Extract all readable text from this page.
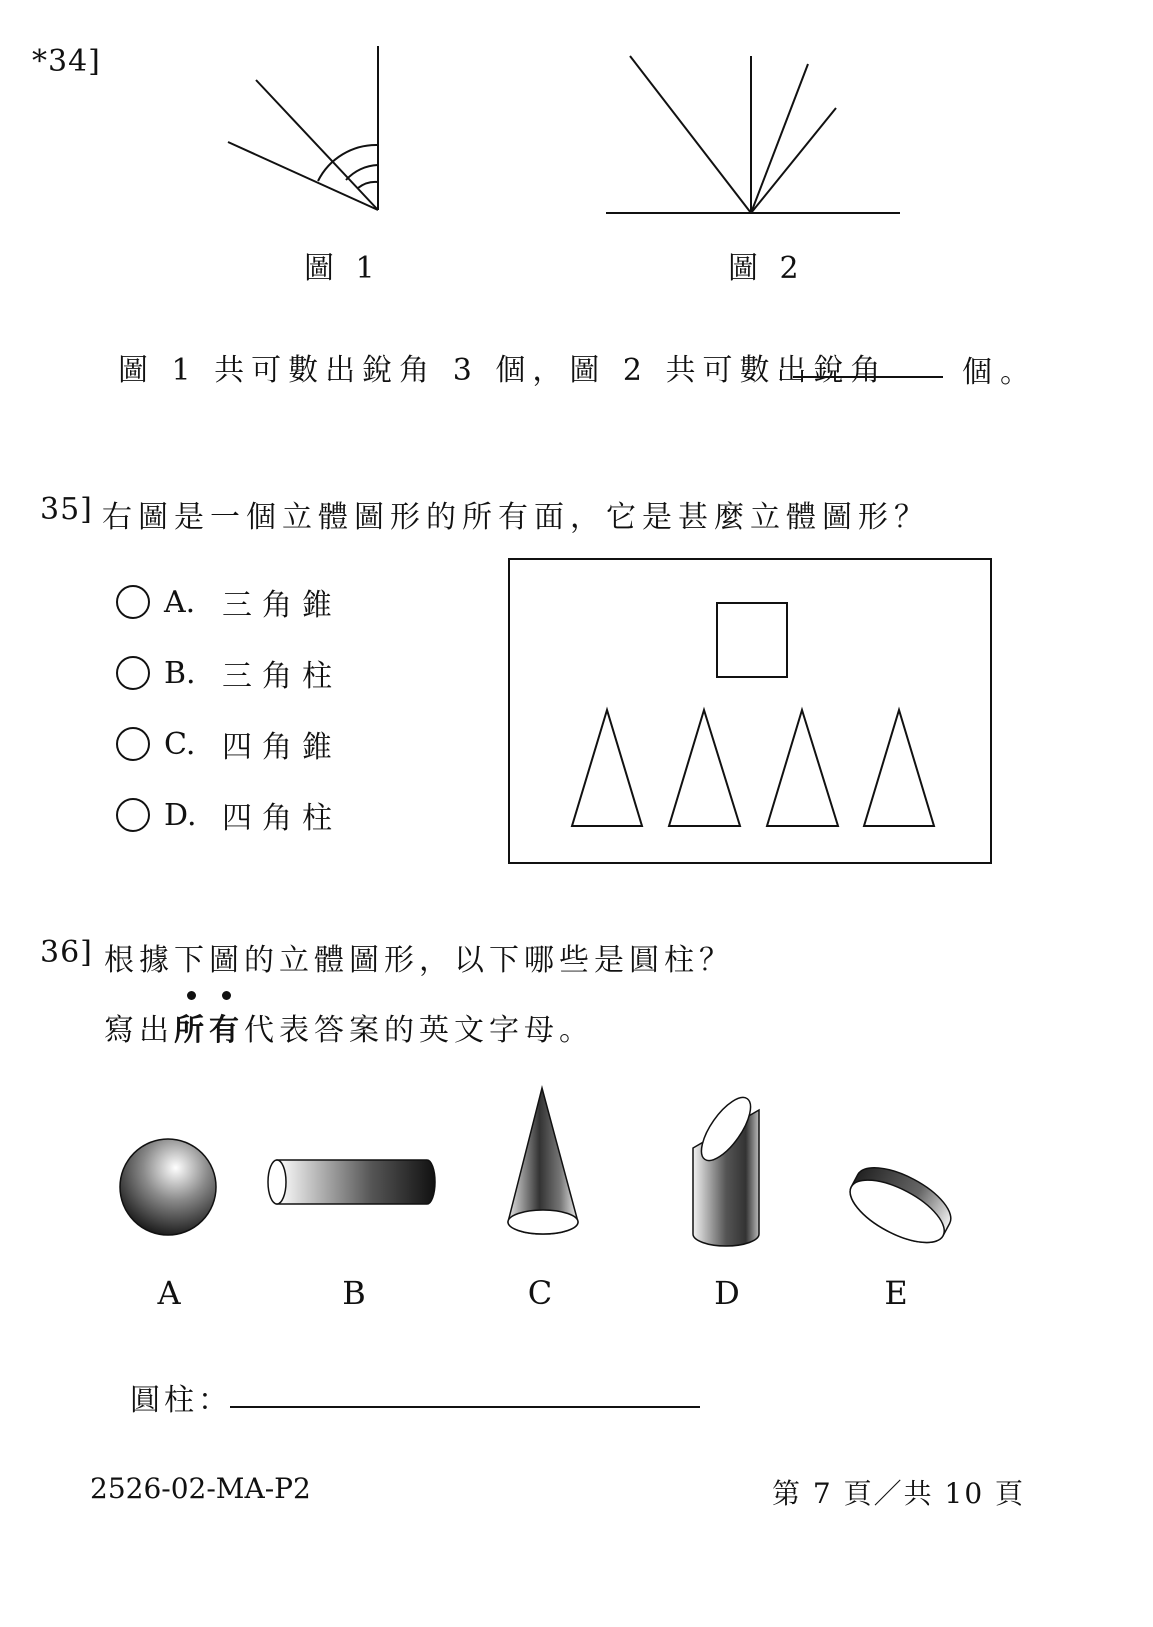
*34]
圖 1	圖 2
圖 1 共可數出銳角 3 個，圖 2 共可數出銳角 個。
35] 右圖是一個立體圖形的所有面，它是甚麼立體圖形？
A. 三角錐
B. 三角柱
C. 四角錐
D. 四角柱
36] 根據下圖的立體圖形，以下哪些是圓柱？
寫出
所
有代表答案的英文字母。
A	B	C	D	E
圓柱：
2526-02-MA-P2	第 7 頁／共 10 頁
